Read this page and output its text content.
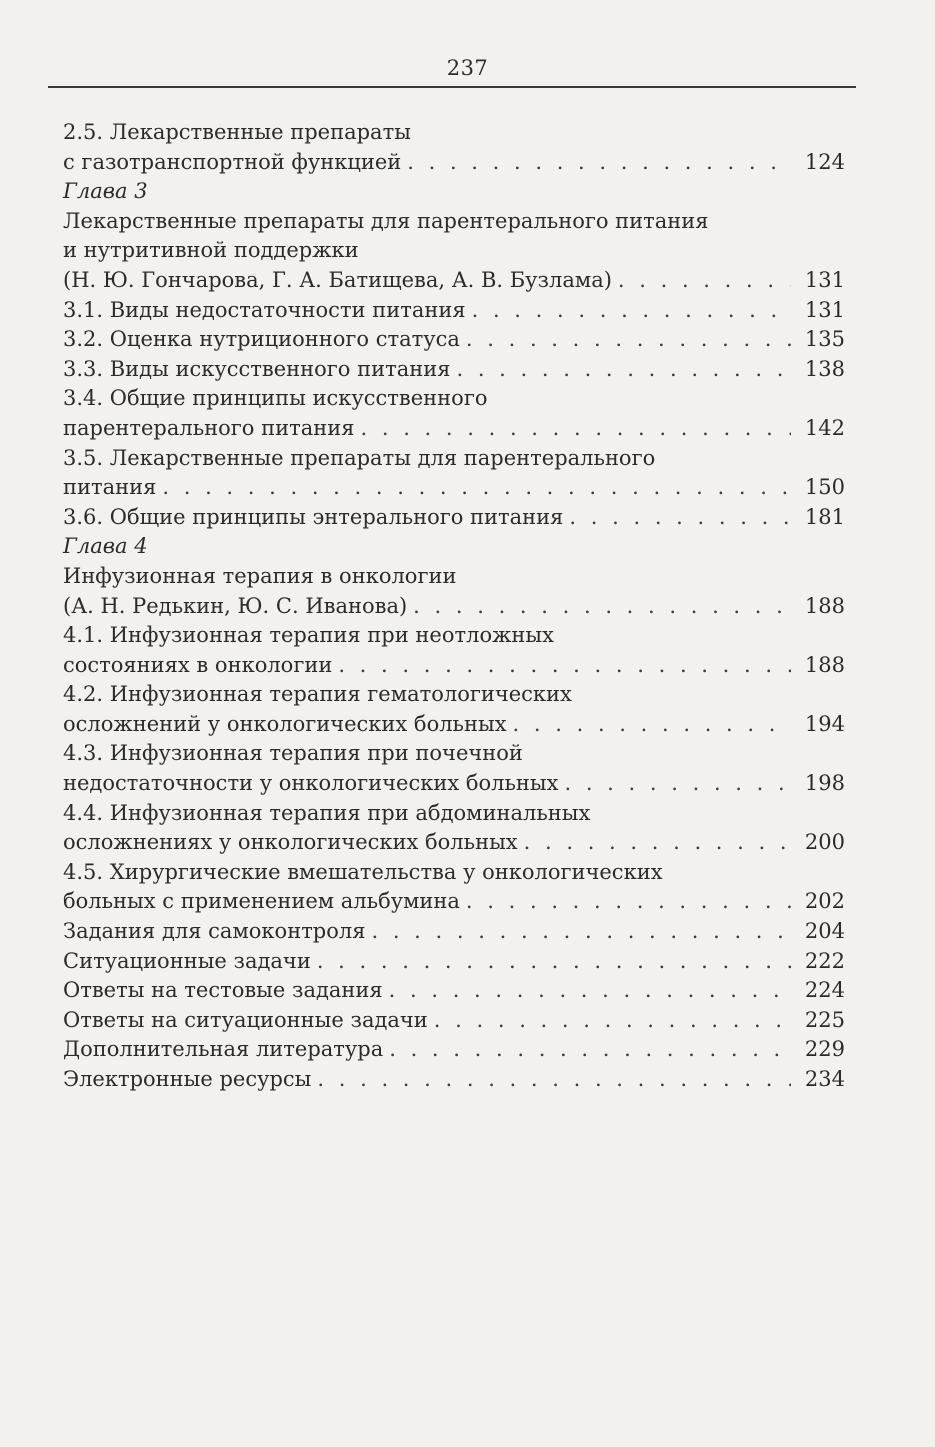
237
2.5. Лекарственные препараты
с газотранспортной функцией . . .	124
Глава 3
Лекарственные препараты для парентерального питания
и нутритивной поддержки
(Н. Ю. Гончарова, Г. А. Батищева, А. В. Бузлама) . . .	131
3.1. Виды недостаточности питания . . .	131
3.2. Оценка нутриционного статуса . . .	135
3.3. Виды искусственного питания . . .	138
3.4. Общие принципы искусственного
парентерального питания . . .	142
3.5. Лекарственные препараты для парентерального
питания . . .	150
3.6. Общие принципы энтерального питания . . .	181
Глава 4
Инфузионная терапия в онкологии
(А. Н. Редькин, Ю. С. Иванова) . . .	188
4.1. Инфузионная терапия при неотложных
состояниях в онкологии . . .	188
4.2. Инфузионная терапия гематологических
осложнений у онкологических больных . . .	194
4.3. Инфузионная терапия при почечной
недостаточности у онкологических больных . . .	198
4.4. Инфузионная терапия при абдоминальных
осложнениях у онкологических больных . . .	200
4.5. Хирургические вмешательства у онкологических
больных с применением альбумина . . .	202
Задания для самоконтроля . . .	204
Ситуационные задачи . . .	222
Ответы на тестовые задания . . .	224
Ответы на ситуационные задачи . . .	225
Дополнительная литература . . .	229
Электронные ресурсы . . .	234
